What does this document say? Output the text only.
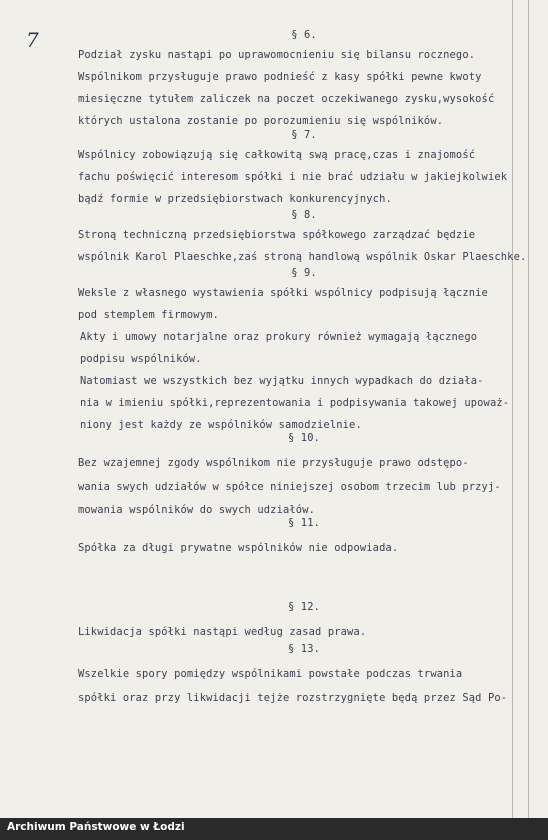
7	§ 6.
Podział zysku nastąpi po uprawomocnieniu się bilansu rocznego.
Wspólnikom przysługuje prawo podnieść z kasy spółki pewne kwoty
miesięczne tytułem zaliczek na poczet oczekiwanego zysku,wysokość
których ustalona zostanie po porozumieniu się wspólników.
§ 7.
Wspólnicy zobowiązują się całkowitą swą pracę,czas i znajomość
fachu poświęcić interesom spółki i nie brać udziału w jakiejkolwiek
bądź formie w przedsiębiorstwach konkurencyjnych.
§ 8.
Stroną techniczną przedsiębiorstwa spółkowego zarządzać będzie
wspólnik Karol Plaeschke,zaś stroną handlową wspólnik Oskar Plaeschke.
§ 9.
Weksle z własnego wystawienia spółki wspólnicy podpisują łącznie
pod stemplem firmowym.
Akty i umowy notarjalne oraz prokury również wymagają łącznego
podpisu wspólników.
Natomiast we wszystkich bez wyjątku innych wypadkach do działa-
nia w imieniu spółki,reprezentowania i podpisywania takowej upoważ-
niony jest każdy ze wspólników samodzielnie.
§ 10.
Bez wzajemnej zgody wspólnikom nie przysługuje prawo odstępo-
wania swych udziałów w spółce niniejszej osobom trzecim lub przyj-
mowania wspólników do swych udziałów.
§ 11.
Spółka za długi prywatne wspólników nie odpowiada.
§ 12.
Likwidacja spółki nastąpi według zasad prawa.
§ 13.
Wszelkie spory pomiędzy wspólnikami powstałe podczas trwania
spółki oraz przy likwidacji tejże rozstrzygnięte będą przez Sąd Po-
Archiwum Państwowe w Łodzi
